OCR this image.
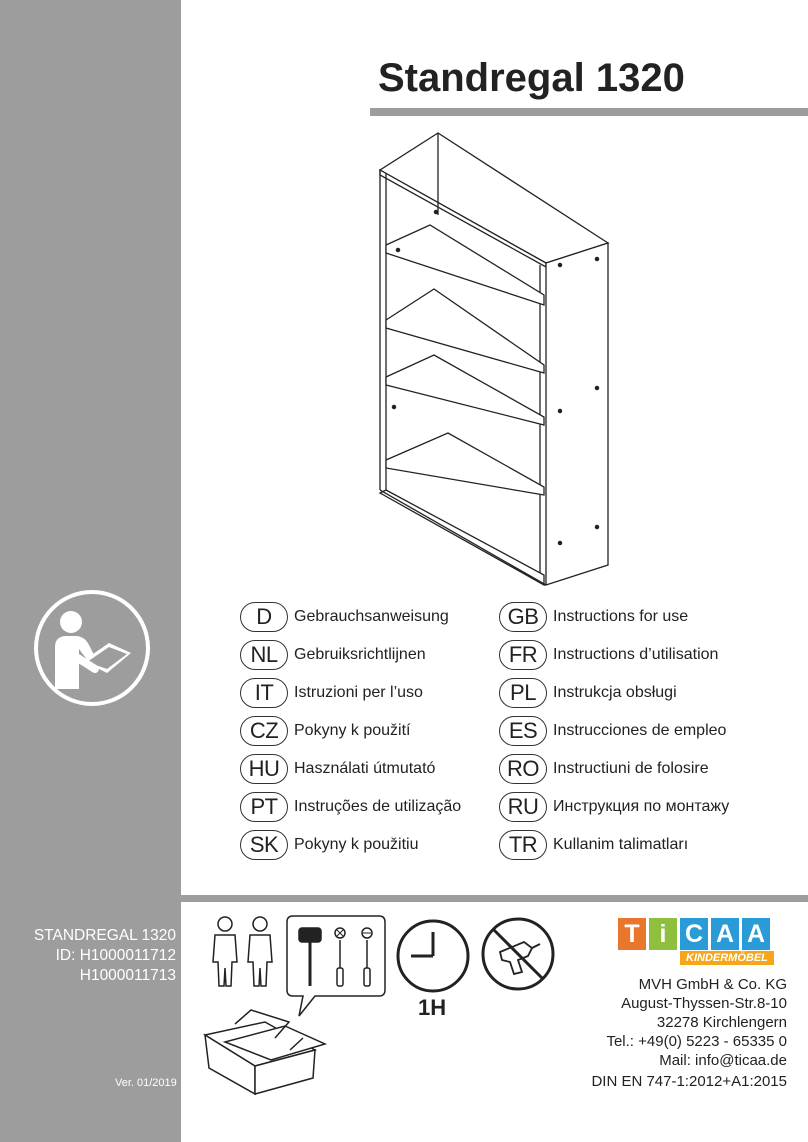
Standregal 1320
D	Gebrauchsanweisung
NL	Gebruiksrichtlijnen
IT	Istruzioni per l’uso
CZ Pokyny k použití
HU Használati útmutató
PT	Instruções de utilização
SK Pokyny k použitiu
GB Instructions for use
FR Instructions d’utilisation
PL	Instrukcja obsługi
ES Instrucciones de empleo
RO Instructiuni de folosire
RU Инструкция по монтажу
TR Kullanim talimatları
STANDREGAL 1320
ID: H1000011712
H1000011713
Ver. 01/2019
1H
T i C A A
KINDERMÖBEL
MVH GmbH & Co. KG
August-Thyssen-Str.8-10
32278 Kirchlengern
Tel.: +49(0) 5223 - 65335 0
Mail: info@ticaa.de
DIN EN 747-1:2012+A1:2015
